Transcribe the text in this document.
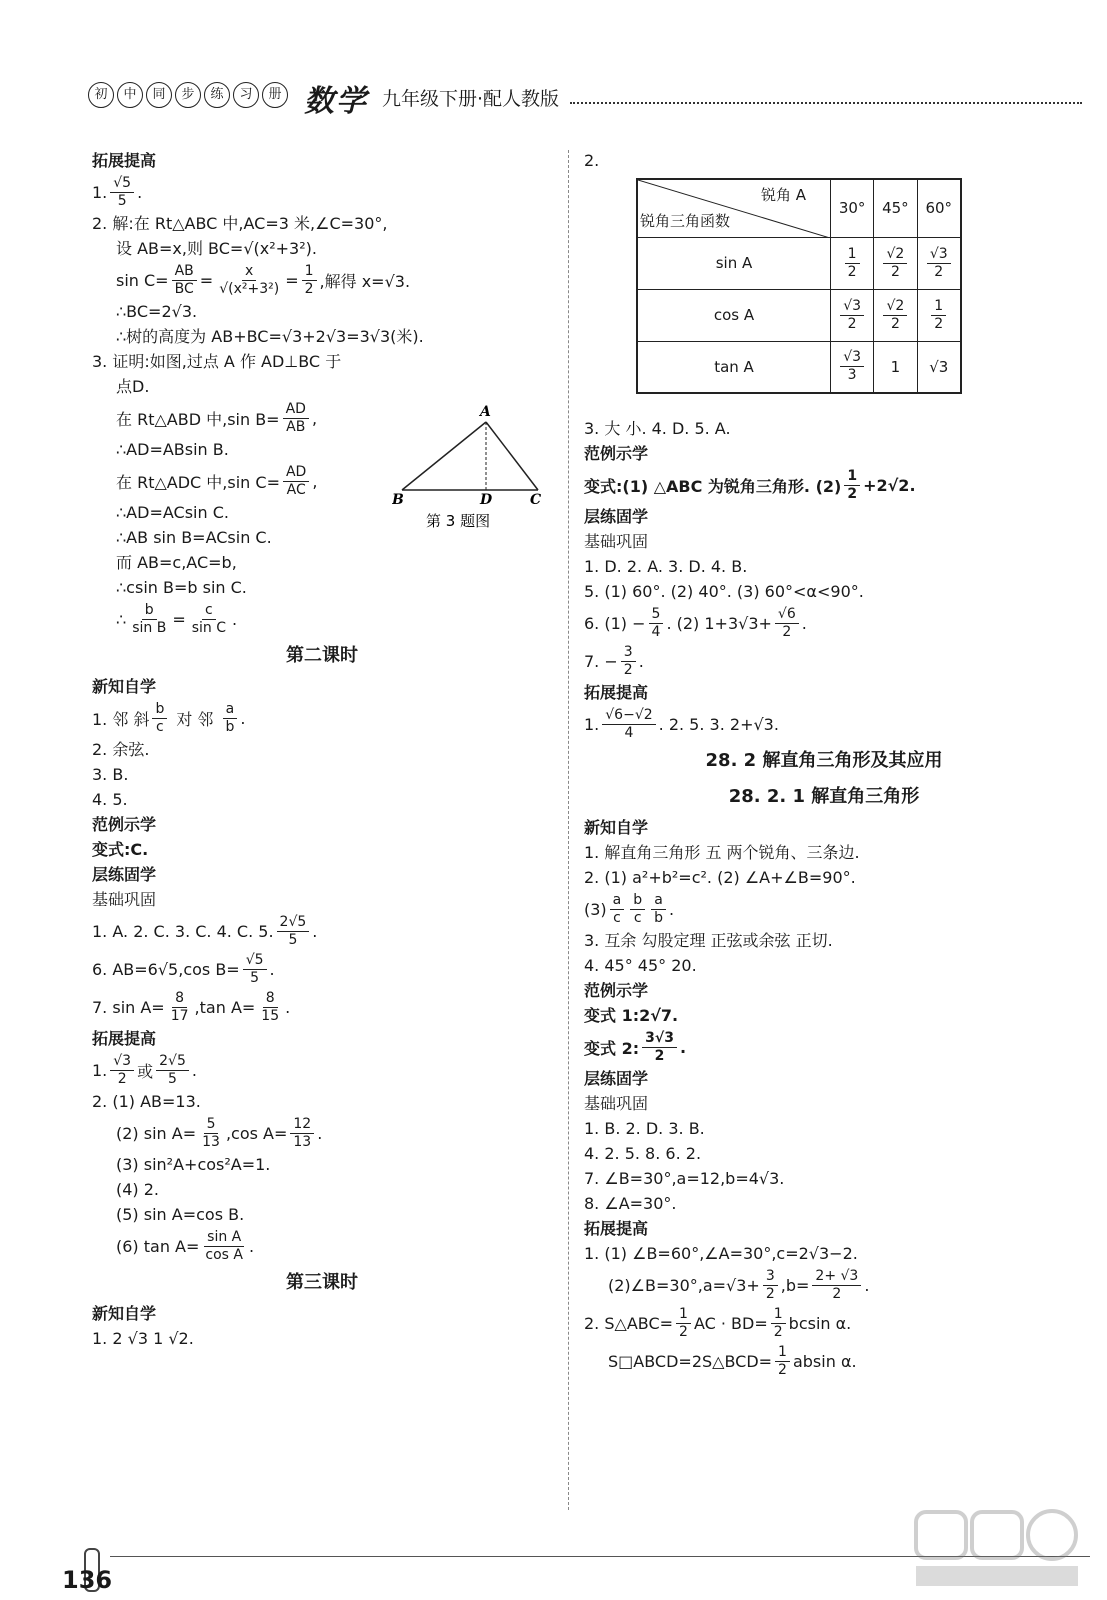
初	中	同	步	练	习	册 数学 九年级下册·配人教版
拓展提高
1. $\frac{√5}{5}$ .
2. 解:在 Rt△ABC 中,AC=3 米,∠C=30°,
设 AB=x,则 BC=√(x²+3²).
$\sin C= \frac{AB}{BC} = \frac{x}{\text{√(x²+3²)}} = \frac{1}{2}$ ,解得 x=√3.
∴BC=2√3.
∴树的高度为 AB+BC=√3+2√3=3√3(米).
3. 证明:如图,过点 A 作 AD⊥BC 于
点D.
在 Rt△ABD 中,sin $B= \frac{AD}{AB}$ ,
∴AD=ABsin B.
在 Rt△ADC 中,sin $C= \frac{AD}{AC}$ ,
∴AD=ACsin C.
∴AB sin B=ACsin C.
而 AB=c,AC=b,
∴csin B=b sin C.
∴ $\frac{b}{\text{sin B}} = \frac{c}{\text{sin C}}$ .
第二课时
新知自学
1. 邻 斜 $\frac{b}{c}$ 对 邻 $\frac{a}{b}$ .
2. 余弦.
3. B.
4. 5.
范例示学
变式:C.
层练固学
基础巩固
1. A. 2. C. 3. C. 4. C. 5. $\frac{2√5}{5}$ .
6. AB=6√5,cos $B= \frac{√5}{5}$ .
7. $\sin A= \frac{8}{17} ,\tan$ $A= \frac{8}{15}$ .
拓展提高
1. $\frac{√3}{2}$ 或 $\frac{2√5}{5}$ .
2. (1) AB=13.
(2) $\sin A= \frac{5}{13} ,\cos$ $A= \frac{12}{13}$ .
(3) sin²A+cos²A=1.
(4) 2.
(5) sin A=cos B.
(6) $\tan A= \frac{\text{sin A}}{\text{cos A}}$ .
第三课时
新知自学
1. 2 √3 1 √2.
A
B	C
D
第 3 题图
2.
锐角 A
锐角三角函数	30°	45°	60°
sin A	$\frac{1}{2}$	$\frac{√2}{2}$	$\frac{√3}{2}$

cos A	$\frac{√3}{2}$	$\frac{√2}{2}$	$\frac{1}{2}$

tan A	$\frac{√3}{3}$	1	√3
3. 大 小. 4. D. 5. A.
范例示学
变式:(1) △ABC 为锐角三角形. $(2) \frac{1}{2} +2√2$.
层练固学
基础巩固
1. D. 2. A. 3. D. 4. B.
5. (1) 60°. (2) 40°. (3) 60°<α<90°.
6. $(1) - \frac{5}{4}$ . (2) $1+3√3+ \frac{√6}{2}$ .
7. − $\frac{3}{2}$ .
拓展提高
1. $\frac{√6-√2}{4}$ . 2. 5. 3. 2+√3.
28. 2 解直角三角形及其应用
28. 2. 1 解直角三角形
新知自学
1. 解直角三角形 五 两个锐角、三条边.
2. (1) a²+b²=c². (2) ∠A+∠B=90°.
$(3) \frac{a}{c} \frac{b}{c} \frac{a}{b}$ .
3. 互余 勾股定理 正弦或余弦 正切.
4. 45° 45° 20.
范例示学
变式 1:2√7.
变式 2: $\frac{3√3}{2}$ .
层练固学
基础巩固
1. B. 2. D. 3. B.
4. 2. 5. 8. 6. 2.
7. ∠B=30°,a=12,b=4√3.
8. ∠A=30°.
拓展提高
1. (1) ∠B=60°,∠A=30°,c=2√3−2.
(2)∠B=30°,a=√3+ $\frac{3}{2} ,b= \frac{2+ √3}{2}$ .
2. S△ABC= $\frac{1}{2}$ AC · $BD= \frac{1}{2}$ bcsin α.
S□ABCD=2S△BCD= $\frac{1}{2}$ absin α.
136
